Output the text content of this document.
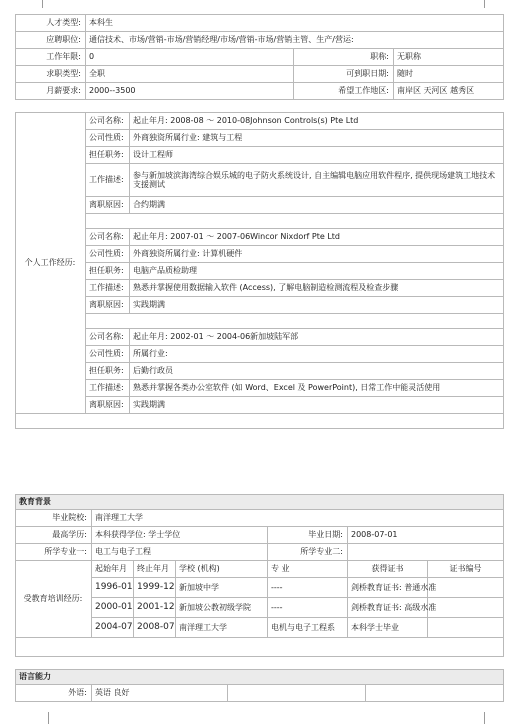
人才类型:	本科生		
应聘职位:	通信技术、市场/营销-市场/营销经理/市场/营销-市场/营销主管、生产/营运:		
工作年限:	0	职称:	无职称
求职类型:	全职	可到职日期:	随时
月薪要求:	2000--3500	希望工作地区:	南岸区 天河区 越秀区
个人工作经历:	公司名称:	起止年月: 2008-08 ～ 2010-08Johnson Controls(s) Pte Ltd
	公司性质:	外商独资所属行业: 建筑与工程
	担任职务:	设计工程师
	工作描述:	参与新加坡滨海湾综合娱乐城的电子防火系统设计, 自主编辑电脑应用软件程序, 提供现场建筑工地技术支援测试
	离职原因:	合约期满

	公司名称:	起止年月: 2007-01 ～ 2007-06Wincor Nixdorf Pte Ltd
	公司性质:	外商独资所属行业: 计算机硬件
	担任职务:	电脑产品质检助理
	工作描述:	熟悉并掌握使用数据输入软件 (Access), 了解电脑制造检测流程及检查步骤
	离职原因:	实践期满

	公司名称:	起止年月: 2002-01 ～ 2004-06新加坡陆军部
	公司性质:	所属行业:
	担任职务:	后勤行政员
	工作描述:	熟悉并掌握各类办公室软件 (如 Word、Excel 及 PowerPoint), 日常工作中能灵活使用
	离职原因:	实践期满

教育背景						
毕业院校:	南洋理工大学					
最高学历:	本科获得学位: 学士学位			毕业日期:	2008-07-01	
所学专业一:	电工与电子工程			所学专业二:		
受教育培训经历:	起始年月	终止年月	学校 (机构)	专 业	获得证书	证书编号
	1996-01	1999-12	新加坡中学	----	剑桥教育证书: 普通水准	
	2000-01	2001-12	新加坡公教初级学院	----	剑桥教育证书: 高级水准	
	2004-07	2008-07	南洋理工大学	电机与电子工程系	本科学士毕业	

语言能力
外语:	英语 良好		
